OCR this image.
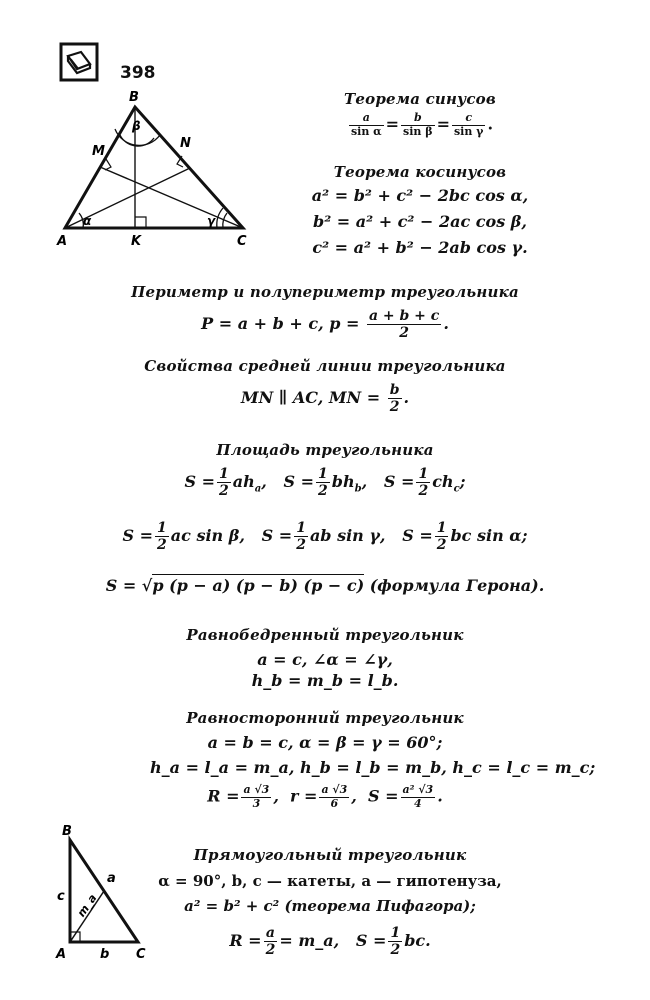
398
B
M
N
A	K	C
β
α	γ
Теорема синусов
$\frac{a}{\text{sin α}} = \frac{b}{\text{sin β}} = \frac{c}{\text{sin γ}}$ .
Теорема косинусов
a² = b² + c² − 2bc cos α,
b² = a² + c² − 2ac cos β,
c² = a² + b² − 2ab cos γ.
Периметр и полупериметр треугольника
P = a + b + c, $p = \frac{a + b + c}{2}$ .
Свойства средней линии треугольника
MN ∥ AC, MN = $\frac{b}{2}$ .
Площадь треугольника
$S = \frac{1}{2} ah_a$, $S = \frac{1}{2} bh_b$, $S = \frac{1}{2} ch_c$;
$S = \frac{1}{2}$ ac sin β, $S = \frac{1}{2}$ ab sin γ, $S = \frac{1}{2}$ bc sin α;
S = √p (p − a) (p − b) (p − c) (формула Герона).
Равнобедренный треугольник
a = c, ∠α = ∠γ,
h_b = m_b = l_b.
Равносторонний треугольник
a = b = c, α = β = γ = 60°;
h_a = l_a = m_a, h_b = l_b = m_b, h_c = l_c = m_c;
$R = \frac{a √3}{3}$ , $r = \frac{a √3}{6}$ , $S = \frac{\text{a² √3}}{4}$ .
B
c
a
m_a
A	b C
Прямоугольный треугольник
α = 90°, b, c — катеты, a — гипотенуза,
a² = b² + c² (теорема Пифагора);
$R = \frac{a}{2}$ = m_a, $S = \frac{1}{2}$ bc.
